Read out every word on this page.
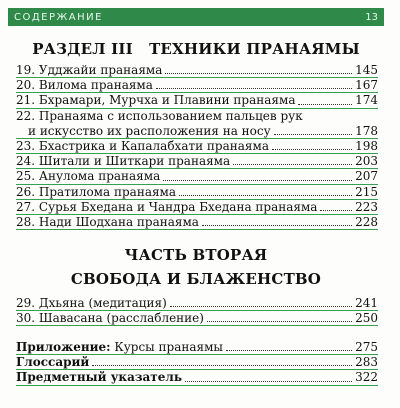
СОДЕРЖАНИЕ	13
РАЗДЕЛ III   ТЕХНИКИ ПРАНАЯМЫ
19. Удджайи пранаяма	145
20. Вилома пранаяма	167
21. Бхрамари, Мурчха и Плавини пранаяма	174
22. Пранаяма с использованием пальцев рук
и искусство их расположения на носу	178
23. Бхастрика и Капалабхати пранаяма	198
24. Шитали и Шиткари пранаяма	203
25. Анулома пранаяма	207
26. Пратилома пранаяма	215
27. Сурья Бхедана и Чандра Бхедана пранаяма	223
28. Нади Шодхана пранаяма	228
ЧАСТЬ ВТОРАЯ
СВОБОДА И БЛАЖЕНСТВО
29. Дхьяна (медитация)	241
30. Шавасана (расслабление)	250
Приложение: Курсы пранаямы	275
Глоссарий	283
Предметный указатель	322
